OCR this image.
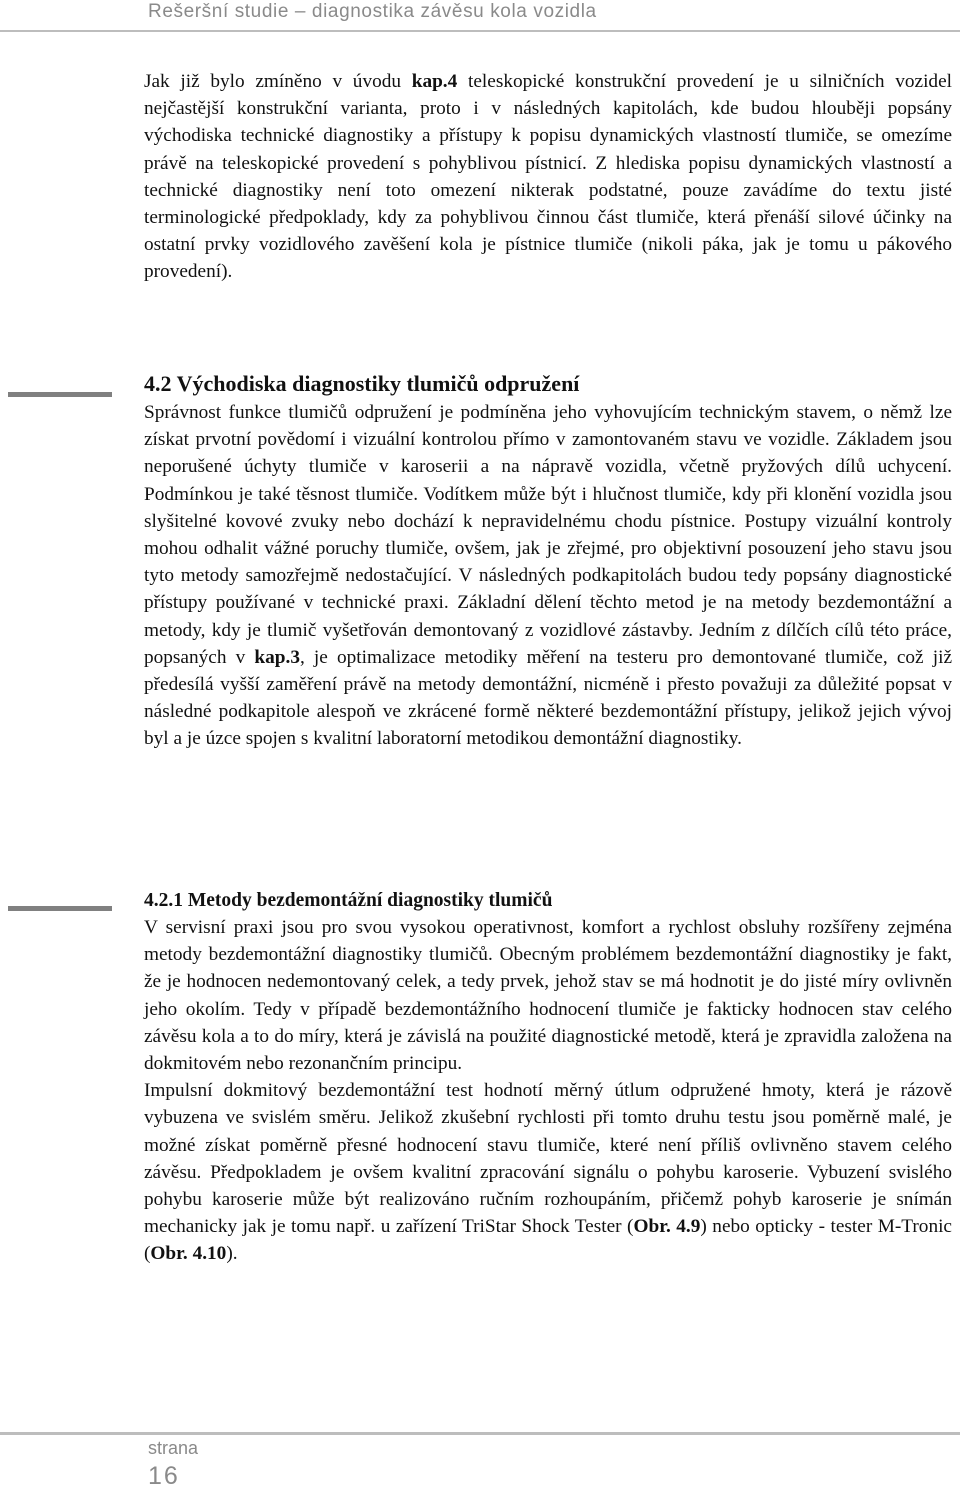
Rešeršní studie – diagnostika závěsu kola vozidla

Jak již bylo zmíněno v úvodu kap.4 teleskopické konstrukční provedení je u silničních vozidel nejčastější konstrukční varianta, proto i v následných kapitolách, kde budou hlouběji popsány východiska technické diagnostiky a přístupy k popisu dynamických vlastností tlumiče, se omezíme právě na teleskopické provedení s pohyblivou pístnicí. Z hlediska popisu dynamických vlastností a technické diagnostiky není toto omezení nikterak podstatné, pouze zavádíme do textu jisté terminologické předpoklady, kdy za pohyblivou činnou část tlumiče, která přenáší silové účinky na ostatní prvky vozidlového zavěšení kola je pístnice tlumiče (nikoli páka, jak je tomu u pákového provedení).

4.2 Východiska diagnostiky tlumičů odpružení

Správnost funkce tlumičů odpružení je podmíněna jeho vyhovujícím technickým stavem, o němž lze získat prvotní povědomí i vizuální kontrolou přímo v zamontovaném stavu ve vozidle. Základem jsou neporušené úchyty tlumiče v karoserii a na nápravě vozidla, včetně pryžových dílů uchycení. Podmínkou je také těsnost tlumiče. Vodítkem může být i hlučnost tlumiče, kdy při klonění vozidla jsou slyšitelné kovové zvuky nebo dochází k nepravidelnému chodu pístnice. Postupy vizuální kontroly mohou odhalit vážné poruchy tlumiče, ovšem, jak je zřejmé, pro objektivní posouzení jeho stavu jsou tyto metody samozřejmě nedostačující. V následných podkapitolách budou tedy popsány diagnostické přístupy používané v technické praxi. Základní dělení těchto metod je na metody bezdemontážní a metody, kdy je tlumič vyšetřován demontovaný z vozidlové zástavby. Jedním z dílčích cílů této práce, popsaných v kap.3, je optimalizace metodiky měření na testeru pro demontované tlumiče, což již předesílá vyšší zaměření právě na metody demontážní, nicméně i přesto považuji za důležité popsat v následné podkapitole alespoň ve zkrácené formě některé bezdemontážní přístupy, jelikož jejich vývoj byl a je úzce spojen s kvalitní laboratorní metodikou demontážní diagnostiky.

4.2.1 Metody bezdemontážní diagnostiky tlumičů

V servisní praxi jsou pro svou vysokou operativnost, komfort a rychlost obsluhy rozšířeny zejména metody bezdemontážní diagnostiky tlumičů. Obecným problémem bezdemontážní diagnostiky je fakt, že je hodnocen nedemontovaný celek, a tedy prvek, jehož stav se má hodnotit je do jisté míry ovlivněn jeho okolím. Tedy v případě bezdemontážního hodnocení tlumiče je fakticky hodnocen stav celého závěsu kola a to do míry, která je závislá na použité diagnostické metodě, která je zpravidla založena na dokmitovém nebo rezonančním principu.

Impulsní dokmitový bezdemontážní test hodnotí měrný útlum odpružené hmoty, která je rázově vybuzena ve svislém směru. Jelikož zkušební rychlosti při tomto druhu testu jsou poměrně malé, je možné získat poměrně přesné hodnocení stavu tlumiče, které není příliš ovlivněno stavem celého závěsu. Předpokladem je ovšem kvalitní zpracování signálu o pohybu karoserie. Vybuzení svislého pohybu karoserie může být realizováno ručním rozhoupáním, přičemž pohyb karoserie je snímán mechanicky jak je tomu např. u zařízení TriStar Shock Tester (Obr. 4.9) nebo opticky - tester M-Tronic (Obr. 4.10).

strana
16
